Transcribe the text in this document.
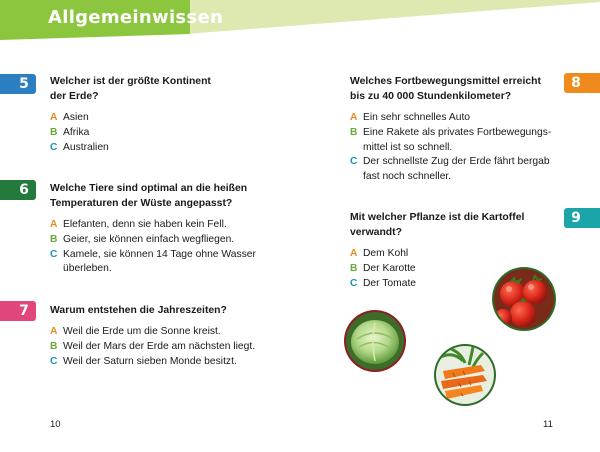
Allgemeinwissen
5	Welcher ist der größte Kontinent
der Erde?
A Asien
B Afrika
C Australien
6	Welche Tiere sind optimal an die heißen
Temperaturen der Wüste angepasst?
A Elefanten, denn sie haben kein Fell.
B Geier, sie können einfach wegfliegen.
C Kamele, sie können 14 Tage ohne Wasser
überleben.
7	Warum entstehen die Jahreszeiten?
A Weil die Erde um die Sonne kreist.
B Weil der Mars der Erde am nächsten liegt.
C Weil der Saturn sieben Monde besitzt.
8
Welches Fortbewegungsmittel erreicht
bis zu 40 000 Stundenkilometer?
A Ein sehr schnelles Auto
B Eine Rakete als privates Fortbewegungs-
mittel ist so schnell.
C Der schnellste Zug der Erde fährt bergab
fast noch schneller.
9
Mit welcher Pflanze ist die Kartoffel
verwandt?
A Dem Kohl
B Der Karotte
C Der Tomate
10	11
